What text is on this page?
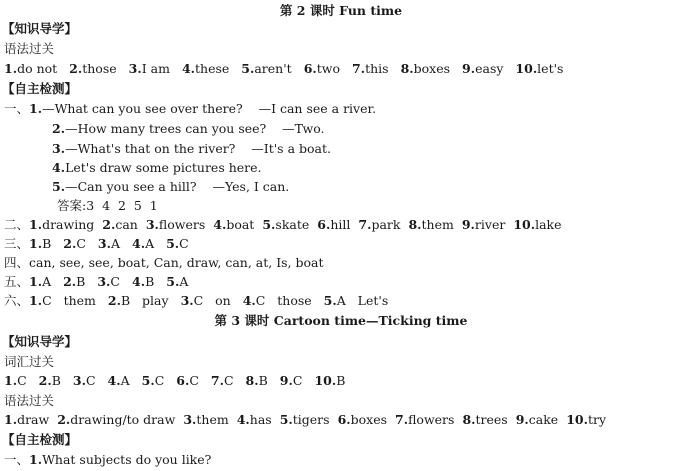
第 2 课时 Fun time
【知识导学】
语法过关
1.do not 2.those 3.I am 4.these 5.aren't 6.two 7.this 8.boxes 9.easy 10.let's
【自主检测】
一、1.—What can you see over there?    —I can see a river.
2.—How many trees can you see?    —Two.
3.—What's that on the river?    —It's a boat.
4.Let's draw some pictures here.
5.—Can you see a hill?    —Yes, I can.
答案:3  4  2  5  1
二、1.drawing 2.can 3.flowers 4.boat 5.skate 6.hill 7.park 8.them 9.river 10.lake
三、1.B 2.C 3.A 4.A 5.C
四、can, see, see, boat, Can, draw, can, at, Is, boat
五、1.A 2.B 3.C 4.B 5.A
六、1.C   them 2.B   play 3.C   on 4.C   those 5.A   Let's
第 3 课时 Cartoon time—Ticking time
【知识导学】
词汇过关
1.C 2.B 3.C 4.A 5.C 6.C 7.C 8.B 9.C 10.B
语法过关
1.draw 2.drawing/to draw 3.them 4.has 5.tigers 6.boxes 7.flowers 8.trees 9.cake 10.try
【自主检测】
一、1.What subjects do you like?
